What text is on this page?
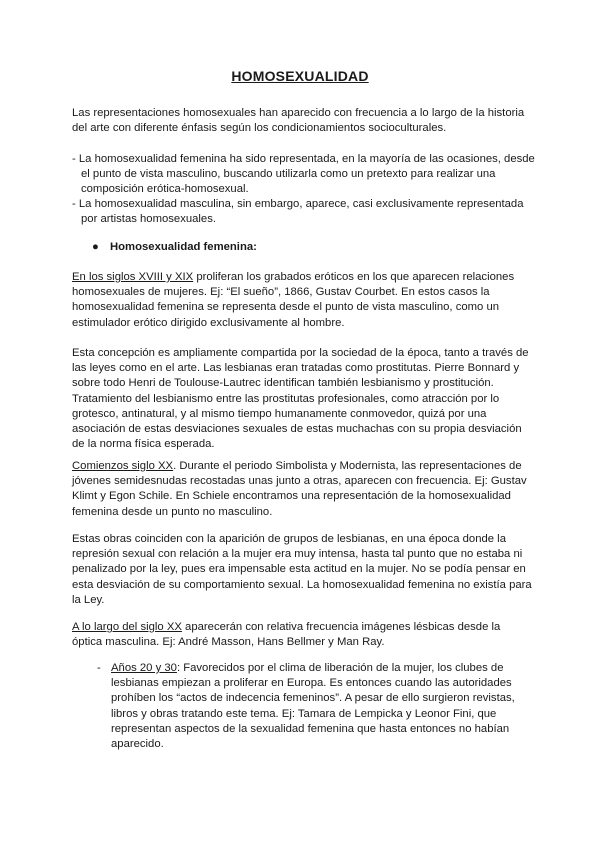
HOMOSEXUALIDAD

Las representaciones homosexuales han aparecido con frecuencia a lo largo de la historia del arte con diferente énfasis según los condicionamientos socioculturales.

- La homosexualidad femenina ha sido representada, en la mayoría de las ocasiones, desde el punto de vista masculino, buscando utilizarla como un pretexto para realizar una composición erótica-homosexual.

- La homosexualidad masculina, sin embargo, aparece, casi exclusivamente representada por artistas homosexuales.

● Homosexualidad femenina:

En los siglos XVIII y XIX proliferan los grabados eróticos en los que aparecen relaciones homosexuales de mujeres. Ej: “El sueño”, 1866, Gustav Courbet. En estos casos la homosexualidad femenina se representa desde el punto de vista masculino, como un estimulador erótico dirigido exclusivamente al hombre.

Esta concepción es ampliamente compartida por la sociedad de la época, tanto a través de las leyes como en el arte. Las lesbianas eran tratadas como prostitutas. Pierre Bonnard y sobre todo Henri de Toulouse-Lautrec identifican también lesbianismo y prostitución. Tratamiento del lesbianismo entre las prostitutas profesionales, como atracción por lo grotesco, antinatural, y al mismo tiempo humanamente conmovedor, quizá por una asociación de estas desviaciones sexuales de estas muchachas con su propia desviación de la norma física esperada.

Comienzos siglo XX. Durante el periodo Simbolista y Modernista, las representaciones de jóvenes semidesnudas recostadas unas junto a otras, aparecen con frecuencia. Ej: Gustav Klimt y Egon Schile. En Schiele encontramos una representación de la homosexualidad femenina desde un punto no masculino.

Estas obras coinciden con la aparición de grupos de lesbianas, en una época donde la represión sexual con relación a la mujer era muy intensa, hasta tal punto que no estaba ni penalizado por la ley, pues era impensable esta actitud en la mujer. No se podía pensar en esta desviación de su comportamiento sexual. La homosexualidad femenina no existía para la Ley.

A lo largo del siglo XX aparecerán con relativa frecuencia imágenes lésbicas desde la óptica masculina. Ej: André Masson, Hans Bellmer y Man Ray.

- Años 20 y 30: Favorecidos por el clima de liberación de la mujer, los clubes de lesbianas empiezan a proliferar en Europa. Es entonces cuando las autoridades prohíben los “actos de indecencia femeninos”. A pesar de ello surgieron revistas, libros y obras tratando este tema. Ej: Tamara de Lempicka y Leonor Fini, que representan aspectos de la sexualidad femenina que hasta entonces no habían aparecido.
